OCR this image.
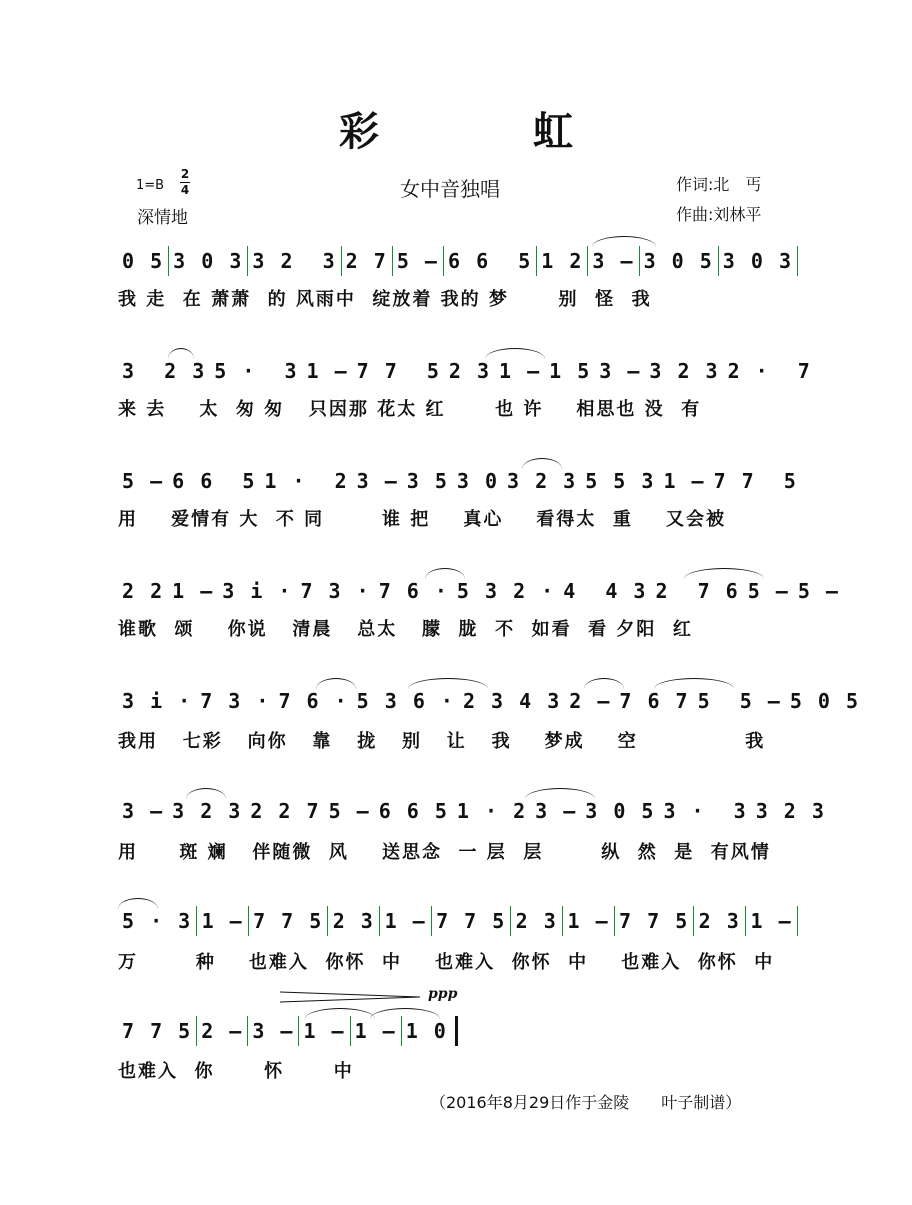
彩 虹
1=B
2
4
深情地
女中音独唱	作词:北　丐
作曲:刘林平
0 5 3 0 3 3 2  3 2 7 5 — 6 6  5 1 2 3 — 3 0 5 3 0 3
我 走  在 萧萧  的 风雨中  绽放着 我的 梦      别  怪  我
3  2 3 5 ·  3 1 — 7 7  5 2 3 1 — 1 5 3 — 3 2 3 2 ·  7
来 去    太  匆 匆   只因那 花太 红      也 许    相思也 没  有
5 — 6 6  5 1 ·  2 3 — 3 5 3 0 3 2 3 5 5 3 1 — 7 7  5
用    爱情有 大  不 同       谁 把    真心    看得太  重    又会被
2 2 1 — 3 i · 7 3 · 7 6 · 5 3 2 · 4  4 3 2  7 6 5 — 5 —
谁歌  颂    你说   清晨   总太   朦  胧  不  如看  看 夕阳  红
3 i · 7 3 · 7 6 · 5 3 6 · 2 3 4 3 2 — 7 6 7 5  5 — 5 0 5
我用   七彩   向你   靠   拢   别   让   我    梦成    空             我
3 — 3 2 3 2 2 7 5 — 6 6 5 1 · 2 3 — 3 0 5 3 ·  3 3 2 3
用     斑 斓   伴随微  风    送思念  一 层  层       纵  然  是  有风情
5 · 3 1 — 7 7 5 2 3 1 — 7 7 5 2 3 1 — 7 7 5 2 3 1 —
万       种    也难入  你怀  中    也难入  你怀  中    也难入  你怀  中
7 7 5 2 — 3 — 1 — 1 — 1 0
也难入  你      怀      中
ppp
（2016年8月29日作于金陵　　叶子制谱）
